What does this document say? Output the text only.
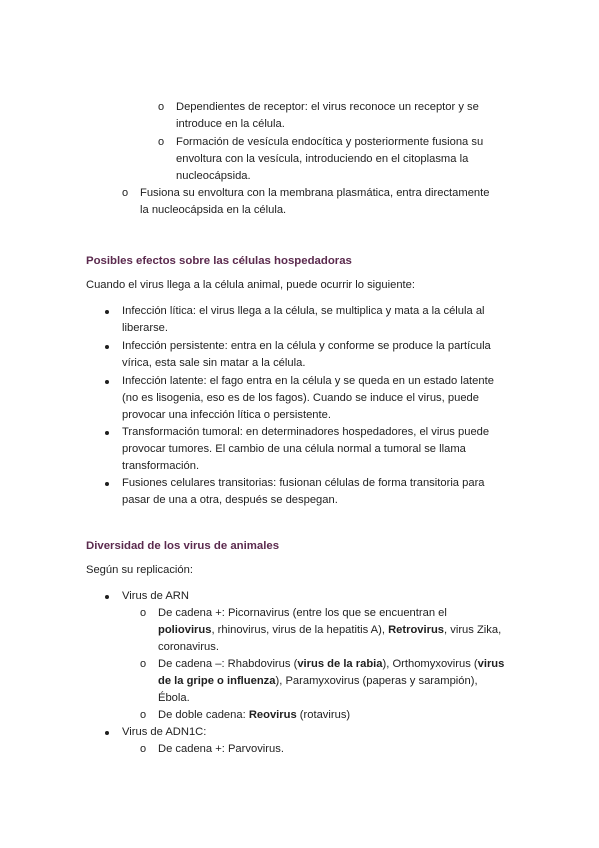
o Dependientes de receptor: el virus reconoce un receptor y se
introduce en la célula.
o Formación de vesícula endocítica y posteriormente fusiona su
envoltura con la vesícula, introduciendo en el citoplasma la
nucleocápsida.
o Fusiona su envoltura con la membrana plasmática, entra directamente
la nucleocápsida en la célula.
Posibles efectos sobre las células hospedadoras
Cuando el virus llega a la célula animal, puede ocurrir lo siguiente:
Infección lítica: el virus llega a la célula, se multiplica y mata a la célula al
liberarse.
Infección persistente: entra en la célula y conforme se produce la partícula
vírica, esta sale sin matar a la célula.
Infección latente: el fago entra en la célula y se queda en un estado latente
(no es lisogenia, eso es de los fagos). Cuando se induce el virus, puede
provocar una infección lítica o persistente.
Transformación tumoral: en determinadores hospedadores, el virus puede
provocar tumores. El cambio de una célula normal a tumoral se llama
transformación.
Fusiones celulares transitorias: fusionan células de forma transitoria para
pasar de una a otra, después se despegan.
Diversidad de los virus de animales
Según su replicación:
Virus de ARN
o De cadena +: Picornavirus (entre los que se encuentran el
poliovirus, rhinovirus, virus de la hepatitis A), Retrovirus, virus Zika,
coronavirus.
o De cadena –: Rhabdovirus (virus de la rabia), Orthomyxovirus (virus
de la gripe o influenza), Paramyxovirus (paperas y sarampión),
Ébola.
o De doble cadena: Reovirus (rotavirus)
Virus de ADN1C:
o De cadena +: Parvovirus.
